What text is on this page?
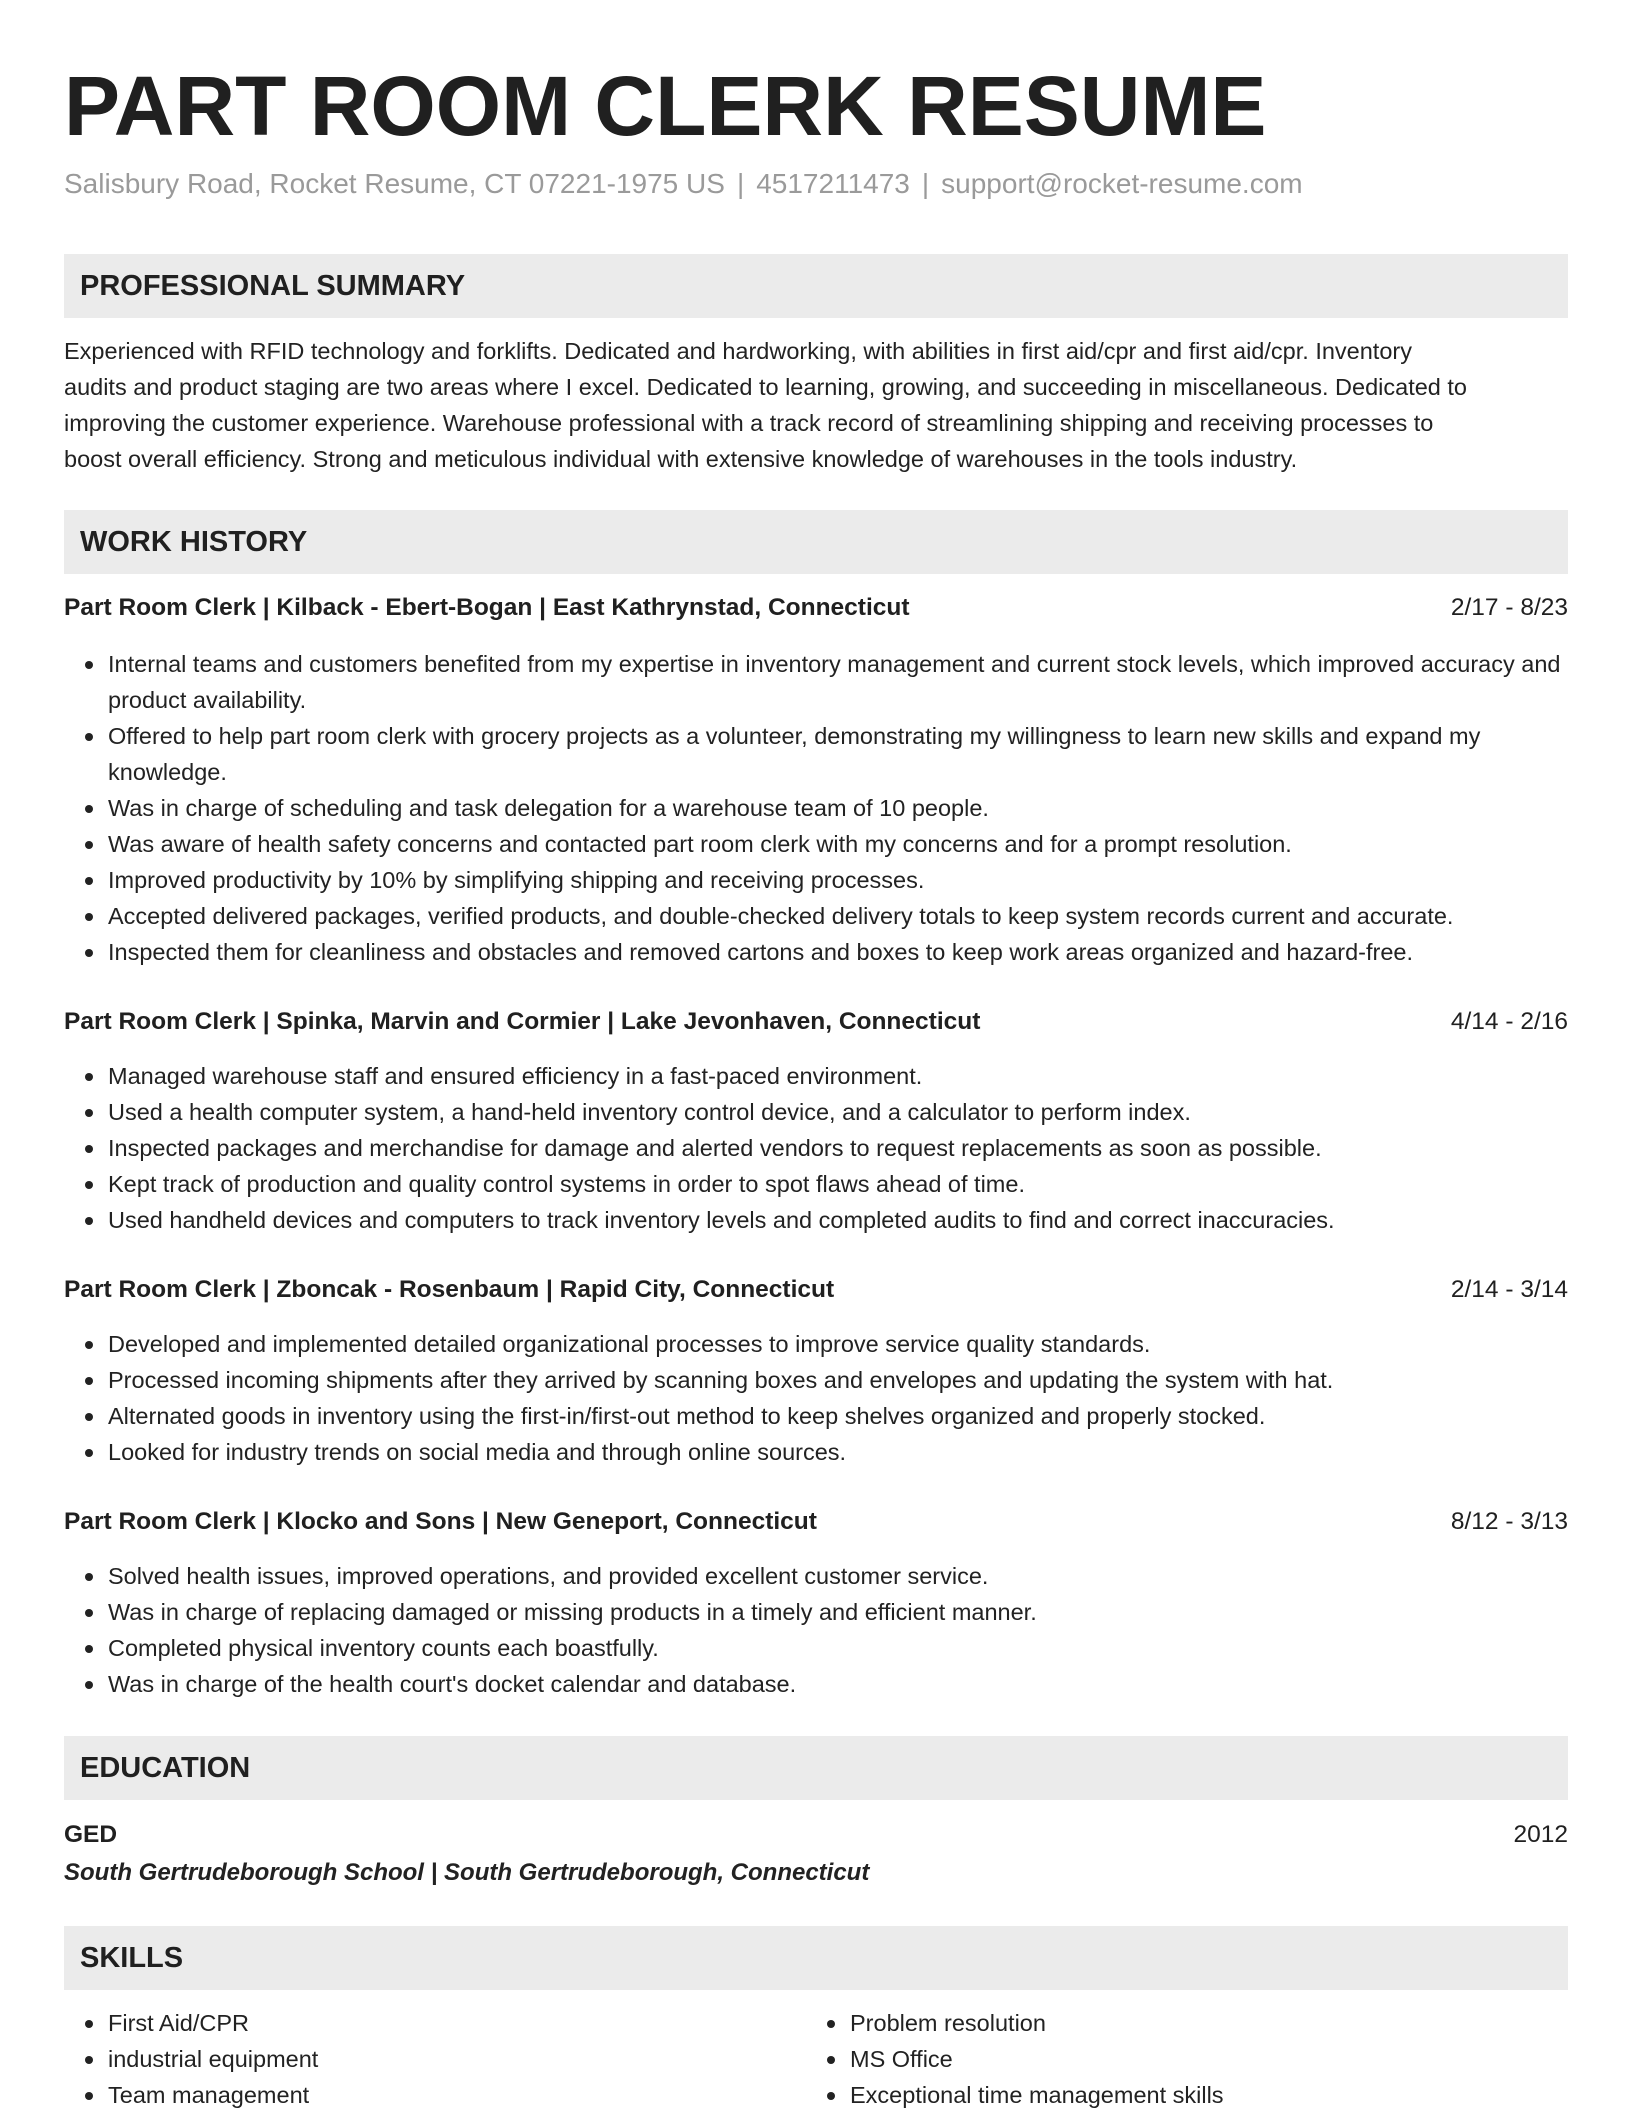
PART ROOM CLERK RESUME
Salisbury Road, Rocket Resume, CT 07221-1975 US | 4517211473 | support@rocket-resume.com
PROFESSIONAL SUMMARY
Experienced with RFID technology and forklifts. Dedicated and hardworking, with abilities in first aid/cpr and first aid/cpr. Inventory
audits and product staging are two areas where I excel. Dedicated to learning, growing, and succeeding in miscellaneous. Dedicated to
improving the customer experience. Warehouse professional with a track record of streamlining shipping and receiving processes to
boost overall efficiency. Strong and meticulous individual with extensive knowledge of warehouses in the tools industry.
WORK HISTORY
Part Room Clerk | Kilback - Ebert-Bogan | East Kathrynstad, Connecticut	2/17 - 8/23
Internal teams and customers benefited from my expertise in inventory management and current stock levels, which improved accuracy and product availability.
Offered to help part room clerk with grocery projects as a volunteer, demonstrating my willingness to learn new skills and expand my knowledge.
Was in charge of scheduling and task delegation for a warehouse team of 10 people.
Was aware of health safety concerns and contacted part room clerk with my concerns and for a prompt resolution.
Improved productivity by 10% by simplifying shipping and receiving processes.
Accepted delivered packages, verified products, and double-checked delivery totals to keep system records current and accurate.
Inspected them for cleanliness and obstacles and removed cartons and boxes to keep work areas organized and hazard-free.
Part Room Clerk | Spinka, Marvin and Cormier | Lake Jevonhaven, Connecticut	4/14 - 2/16
Managed warehouse staff and ensured efficiency in a fast-paced environment.
Used a health computer system, a hand-held inventory control device, and a calculator to perform index.
Inspected packages and merchandise for damage and alerted vendors to request replacements as soon as possible.
Kept track of production and quality control systems in order to spot flaws ahead of time.
Used handheld devices and computers to track inventory levels and completed audits to find and correct inaccuracies.
Part Room Clerk | Zboncak - Rosenbaum | Rapid City, Connecticut	2/14 - 3/14
Developed and implemented detailed organizational processes to improve service quality standards.
Processed incoming shipments after they arrived by scanning boxes and envelopes and updating the system with hat.
Alternated goods in inventory using the first-in/first-out method to keep shelves organized and properly stocked.
Looked for industry trends on social media and through online sources.
Part Room Clerk | Klocko and Sons | New Geneport, Connecticut	8/12 - 3/13
Solved health issues, improved operations, and provided excellent customer service.
Was in charge of replacing damaged or missing products in a timely and efficient manner.
Completed physical inventory counts each boastfully.
Was in charge of the health court's docket calendar and database.
EDUCATION
GED	2012
South Gertrudeborough School | South Gertrudeborough, Connecticut
SKILLS
First Aid/CPR
industrial equipment
Team management
Problem resolution
MS Office
Exceptional time management skills
